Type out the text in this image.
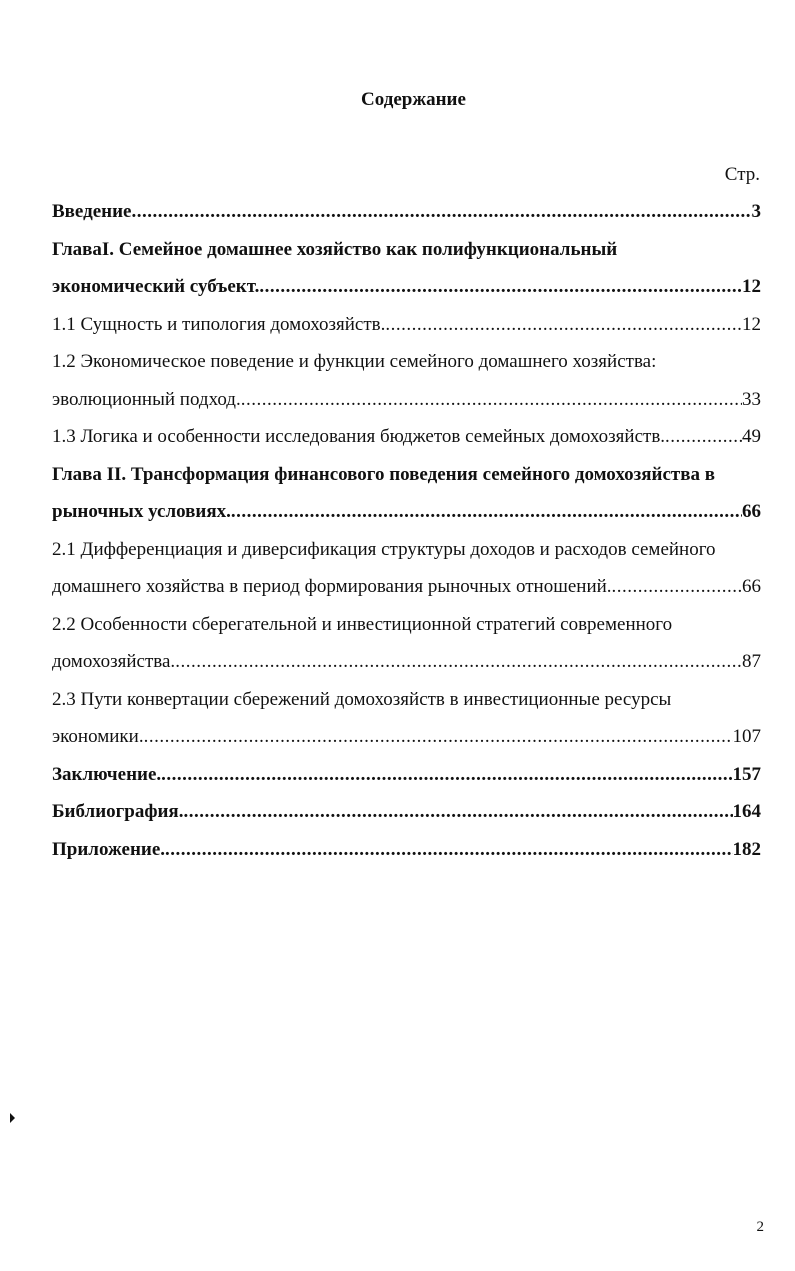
Содержание
Стр.
Введение .....	3
ГлаваI. Семейное домашнее хозяйство как полифункциональный
экономический субъект. .....	12
1.1 Сущность и типология домохозяйств. .....	12
1.2 Экономическое поведение и функции семейного домашнего хозяйства:
эволюционный подход. .....	33
1.3 Логика и особенности исследования бюджетов семейных домохозяйств. .....	49
Глава II. Трансформация финансового поведения семейного домохозяйства в
рыночных условиях. .....	66
2.1 Дифференциация и диверсификация структуры доходов и расходов семейного
домашнего хозяйства в период формирования рыночных отношений. .....	66
2.2 Особенности сберегательной и инвестиционной стратегий современного
домохозяйства. .....	87
2.3 Пути конвертации сбережений домохозяйств в инвестиционные ресурсы
экономики. .....	107
Заключение. .....	157
Библиография. .....	164
Приложение. .....	182
2
